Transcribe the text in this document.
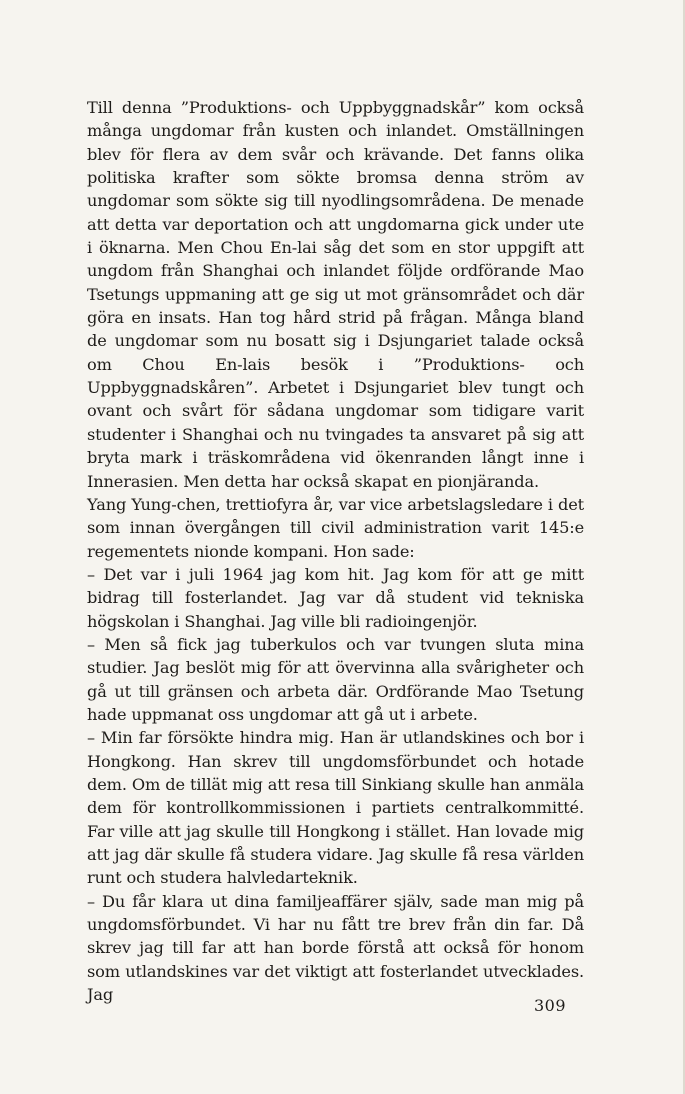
Till denna ”Produktions- och Uppbyggnadskår” kom också många ungdomar från kusten och inlandet. Omställningen blev för flera av dem svår och krävande. Det fanns olika politiska krafter som sökte bromsa denna ström av ungdomar som sökte sig till nyodlingsområdena. De menade att detta var deportation och att ungdomarna gick under ute i öknarna. Men Chou En-lai såg det som en stor uppgift att ungdom från Shanghai och inlandet följde ordförande Mao Tsetungs uppmaning att ge sig ut mot gränsområdet och där göra en insats. Han tog hård strid på frågan. Många bland de ungdomar som nu bosatt sig i Dsjungariet talade också om Chou En-lais besök i ”Produktions- och Uppbyggnadskåren”. Arbetet i Dsjungariet blev tungt och ovant och svårt för sådana ungdomar som tidigare varit studenter i Shanghai och nu tvingades ta ansvaret på sig att bryta mark i träskområdena vid ökenranden långt inne i Innerasien. Men detta har också skapat en pionjäranda.

Yang Yung-chen, trettiofyra år, var vice arbetslagsledare i det som innan övergången till civil administration varit 145:e regementets nionde kompani. Hon sade:

– Det var i juli 1964 jag kom hit. Jag kom för att ge mitt bidrag till fosterlandet. Jag var då student vid tekniska högskolan i Shanghai. Jag ville bli radioingenjör.

– Men så fick jag tuberkulos och var tvungen sluta mina studier. Jag beslöt mig för att övervinna alla svårigheter och gå ut till gränsen och arbeta där. Ordförande Mao Tsetung hade uppmanat oss ungdomar att gå ut i arbete.

– Min far försökte hindra mig. Han är utlandskines och bor i Hongkong. Han skrev till ungdomsförbundet och hotade dem. Om de tillät mig att resa till Sinkiang skulle han anmäla dem för kontrollkommissionen i partiets centralkommitté. Far ville att jag skulle till Hongkong i stället. Han lovade mig att jag där skulle få studera vidare. Jag skulle få resa världen runt och studera halvledarteknik.

– Du får klara ut dina familjeaffärer själv, sade man mig på ungdomsförbundet. Vi har nu fått tre brev från din far. Då skrev jag till far att han borde förstå att också för honom som utlandskines var det viktigt att fosterlandet utvecklades. Jag

309
